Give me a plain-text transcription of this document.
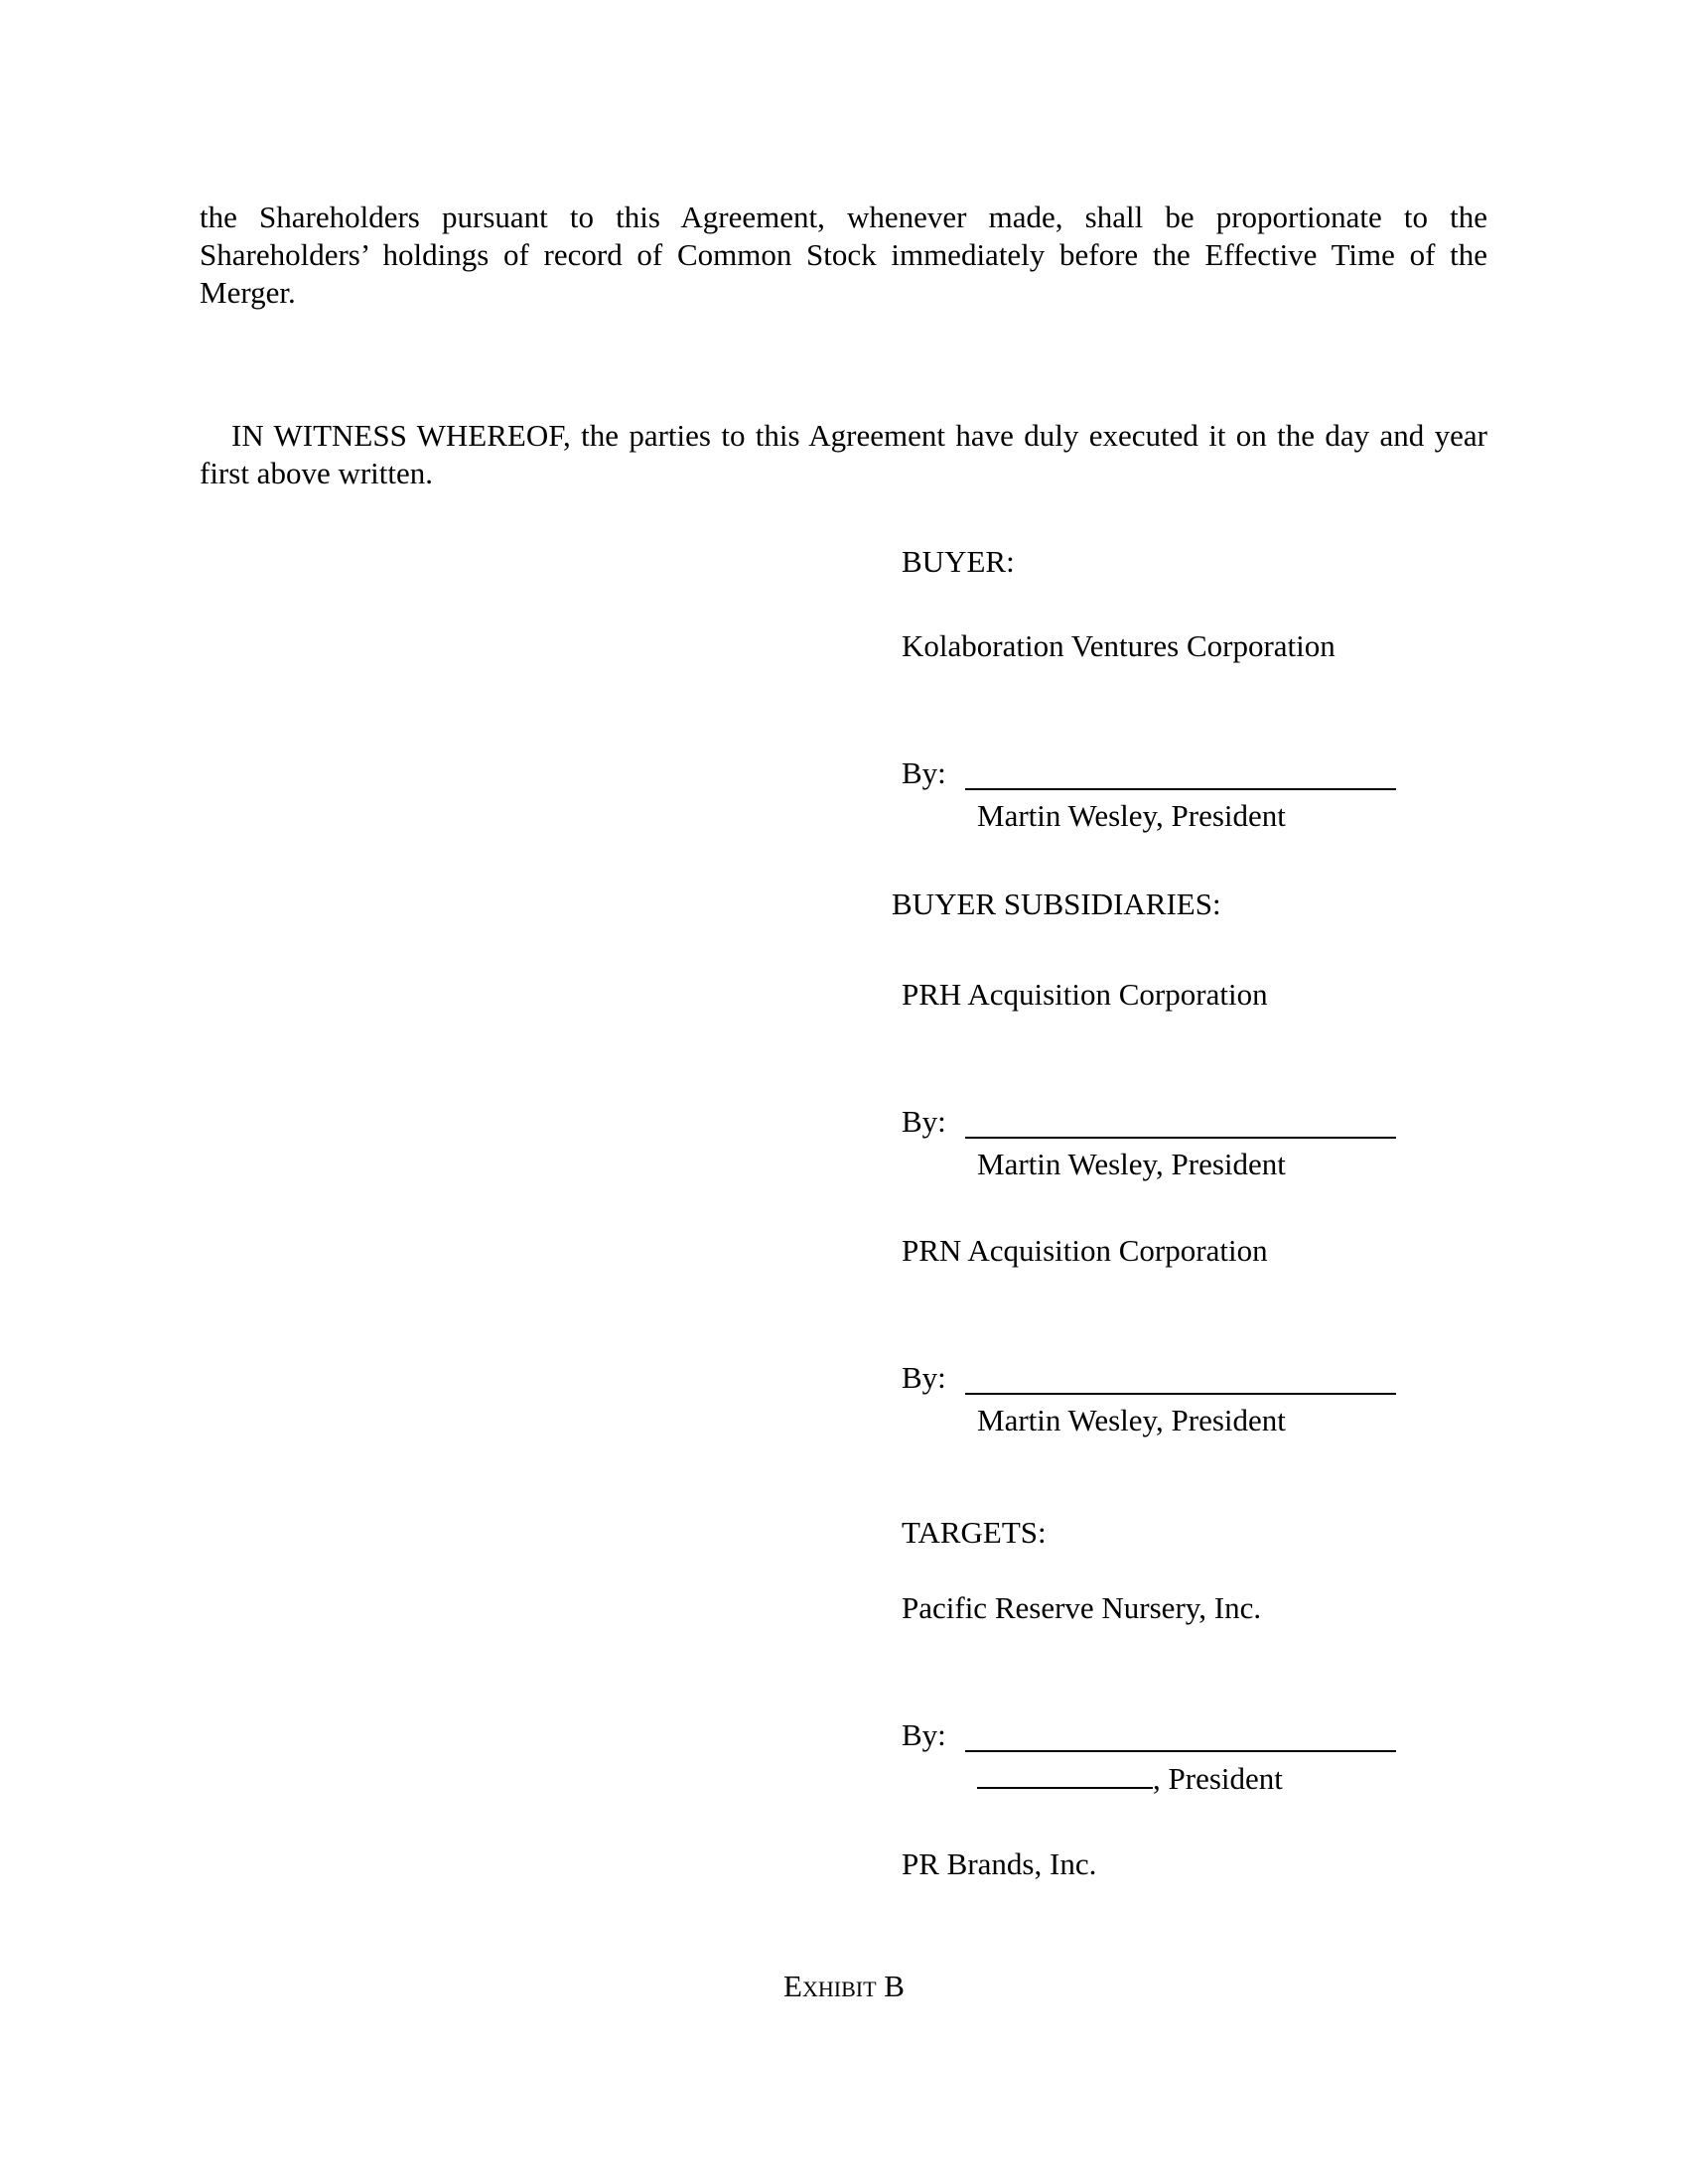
the Shareholders pursuant to this Agreement, whenever made, shall be proportionate to the Shareholders’ holdings of record of Common Stock immediately before the Effective Time of the Merger.

IN WITNESS WHEREOF, the parties to this Agreement have duly executed it on the day and year first above written.

BUYER:
Kolaboration Ventures Corporation
By:
Martin Wesley, President
BUYER SUBSIDIARIES:
PRH Acquisition Corporation
By:
Martin Wesley, President
PRN Acquisition Corporation
By:
Martin Wesley, President
TARGETS:
Pacific Reserve Nursery, Inc.
By:
, President
PR Brands, Inc.

Exhibit B
